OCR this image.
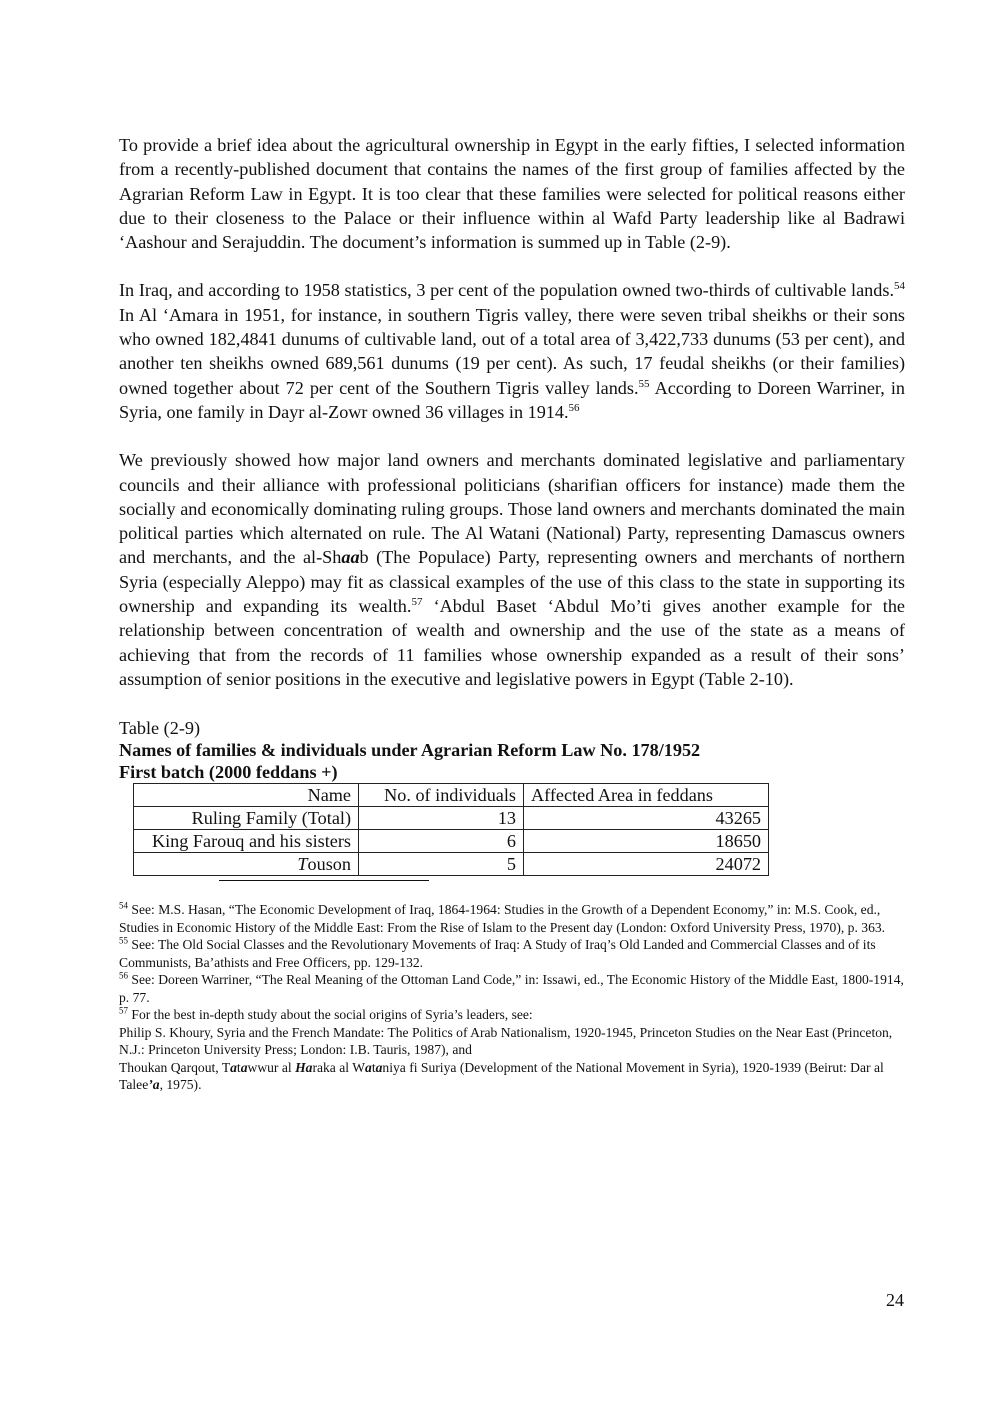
To provide a brief idea about the agricultural ownership in Egypt in the early fifties, I selected information from a recently-published document that contains the names of the first group of families affected by the Agrarian Reform Law in Egypt. It is too clear that these families were selected for political reasons either due to their closeness to the Palace or their influence within al Wafd Party leadership like al Badrawi ‘Aashour and Serajuddin. The document’s information is summed up in Table (2-9).

In Iraq, and according to 1958 statistics, 3 per cent of the population owned two-thirds of cultivable lands.$^{54}$ In Al ‘Amara in 1951, for instance, in southern Tigris valley, there were seven tribal sheikhs or their sons who owned 182,4841 dunums of cultivable land, out of a total area of 3,422,733 dunums (53 per cent), and another ten sheikhs owned 689,561 dunums (19 per cent). As such, 17 feudal sheikhs (or their families) owned together about 72 per cent of the Southern Tigris valley lands.$^{55}$ According to Doreen Warriner, in Syria, one family in Dayr al-Zowr owned 36 villages in 1914.56

We previously showed how major land owners and merchants dominated legislative and parliamentary councils and their alliance with professional politicians (sharifian officers for instance) made them the socially and economically dominating ruling groups. Those land owners and merchants dominated the main political parties which alternated on rule. The Al Watani (National) Party, representing Damascus owners and merchants, and the al-Shaab (The Populace) Party, representing owners and merchants of northern Syria (especially Aleppo) may fit as classical examples of the use of this class to the state in supporting its ownership and expanding its wealth.$^{57}$ ‘Abdul Baset ‘Abdul Mo’ti gives another example for the relationship between concentration of wealth and ownership and the use of the state as a means of achieving that from the records of 11 families whose ownership expanded as a result of their sons’ assumption of senior positions in the executive and legislative powers in Egypt (Table 2-10).

Table (2-9)
Names of families & individuals under Agrarian Reform Law No. 178/1952
First batch (2000 feddans +)
Name	No. of individuals	Affected Area in feddans
Ruling Family (Total)	13	43265
King Farouq and his sisters	6	18650
Touson	5	24072

$^{54}$ See: M.S. Hasan, “The Economic Development of Iraq, 1864-1964: Studies in the Growth of a Dependent Economy,” in: M.S. Cook, ed., Studies in Economic History of the Middle East: From the Rise of Islam to the Present day (London: Oxford University Press, 1970), p. 363.

$^{55}$ See: The Old Social Classes and the Revolutionary Movements of Iraq: A Study of Iraq’s Old Landed and Commercial Classes and of its Communists, Ba’athists and Free Officers, pp. 129-132.

$^{56}$ See: Doreen Warriner, “The Real Meaning of the Ottoman Land Code,” in: Issawi, ed., The Economic History of the Middle East, 1800-1914, p. 77.

$^{57}$ For the best in-depth study about the social origins of Syria’s leaders, see:

Philip S. Khoury, Syria and the French Mandate: The Politics of Arab Nationalism, 1920-1945, Princeton Studies on the Near East (Princeton, N.J.: Princeton University Press; London: I.B. Tauris, 1987), and

Thoukan Qarqout, Tatawwur al Haraka al Wataniya fi Suriya (Development of the National Movement in Syria), 1920-1939 (Beirut: Dar al Talee’a, 1975).

24
